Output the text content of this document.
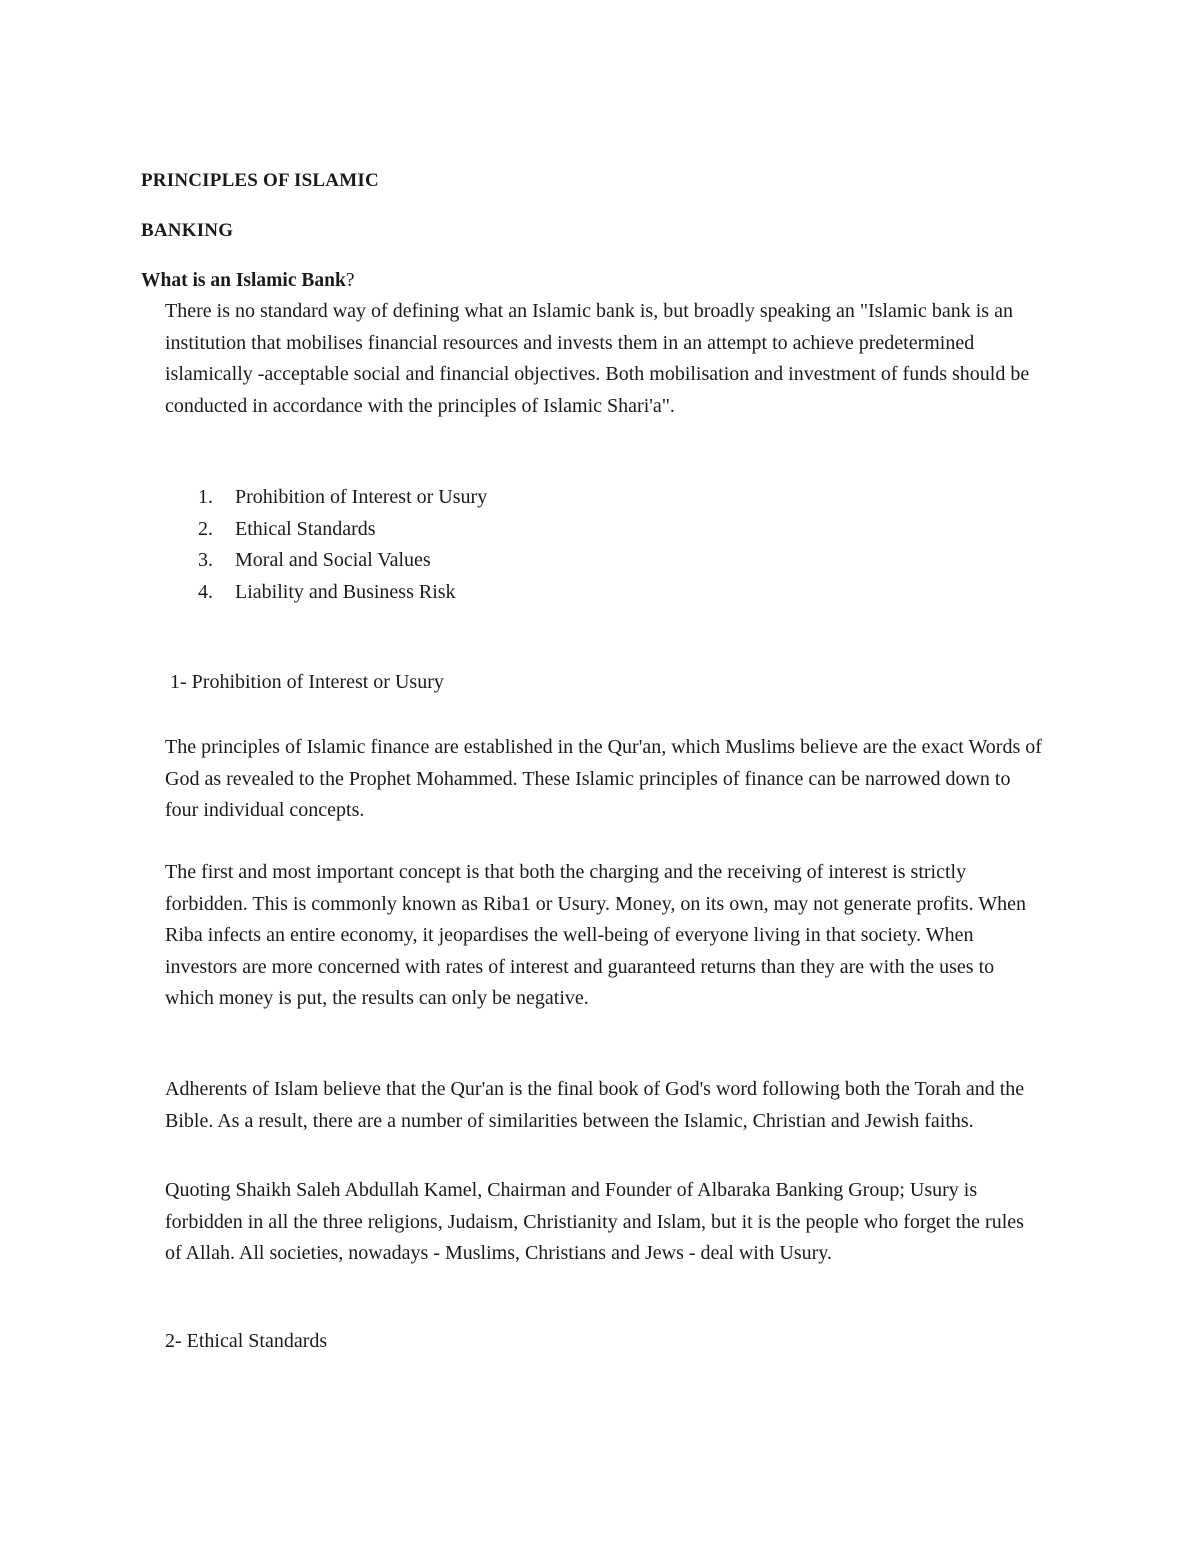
PRINCIPLES OF ISLAMIC

BANKING

What is an Islamic Bank?

There is no standard way of defining what an Islamic bank is, but broadly speaking an "Islamic bank is an institution that mobilises financial resources and invests them in an attempt to achieve predetermined islamically -acceptable social and financial objectives. Both mobilisation and investment of funds should be conducted in accordance with the principles of Islamic Shari'a".

1.	Prohibition of Interest or Usury
2.	Ethical Standards
3.	Moral and Social Values
4.	Liability and Business Risk

1- Prohibition of Interest or Usury

The principles of Islamic finance are established in the Qur'an, which Muslims believe are the exact Words of God as revealed to the Prophet Mohammed. These Islamic principles of finance can be narrowed down to four individual concepts.

The first and most important concept is that both the charging and the receiving of interest is strictly forbidden. This is commonly known as Riba1 or Usury. Money, on its own, may not generate profits. When Riba infects an entire economy, it jeopardises the well-being of everyone living in that society. When investors are more concerned with rates of interest and guaranteed returns than they are with the uses to which money is put, the results can only be negative.

Adherents of Islam believe that the Qur'an is the final book of God's word following both the Torah and the Bible. As a result, there are a number of similarities between the Islamic, Christian and Jewish faiths.

Quoting Shaikh Saleh Abdullah Kamel, Chairman and Founder of Albaraka Banking Group; Usury is forbidden in all the three religions, Judaism, Christianity and Islam, but it is the people who forget the rules of Allah. All societies, nowadays - Muslims, Christians and Jews - deal with Usury.

2- Ethical Standards
